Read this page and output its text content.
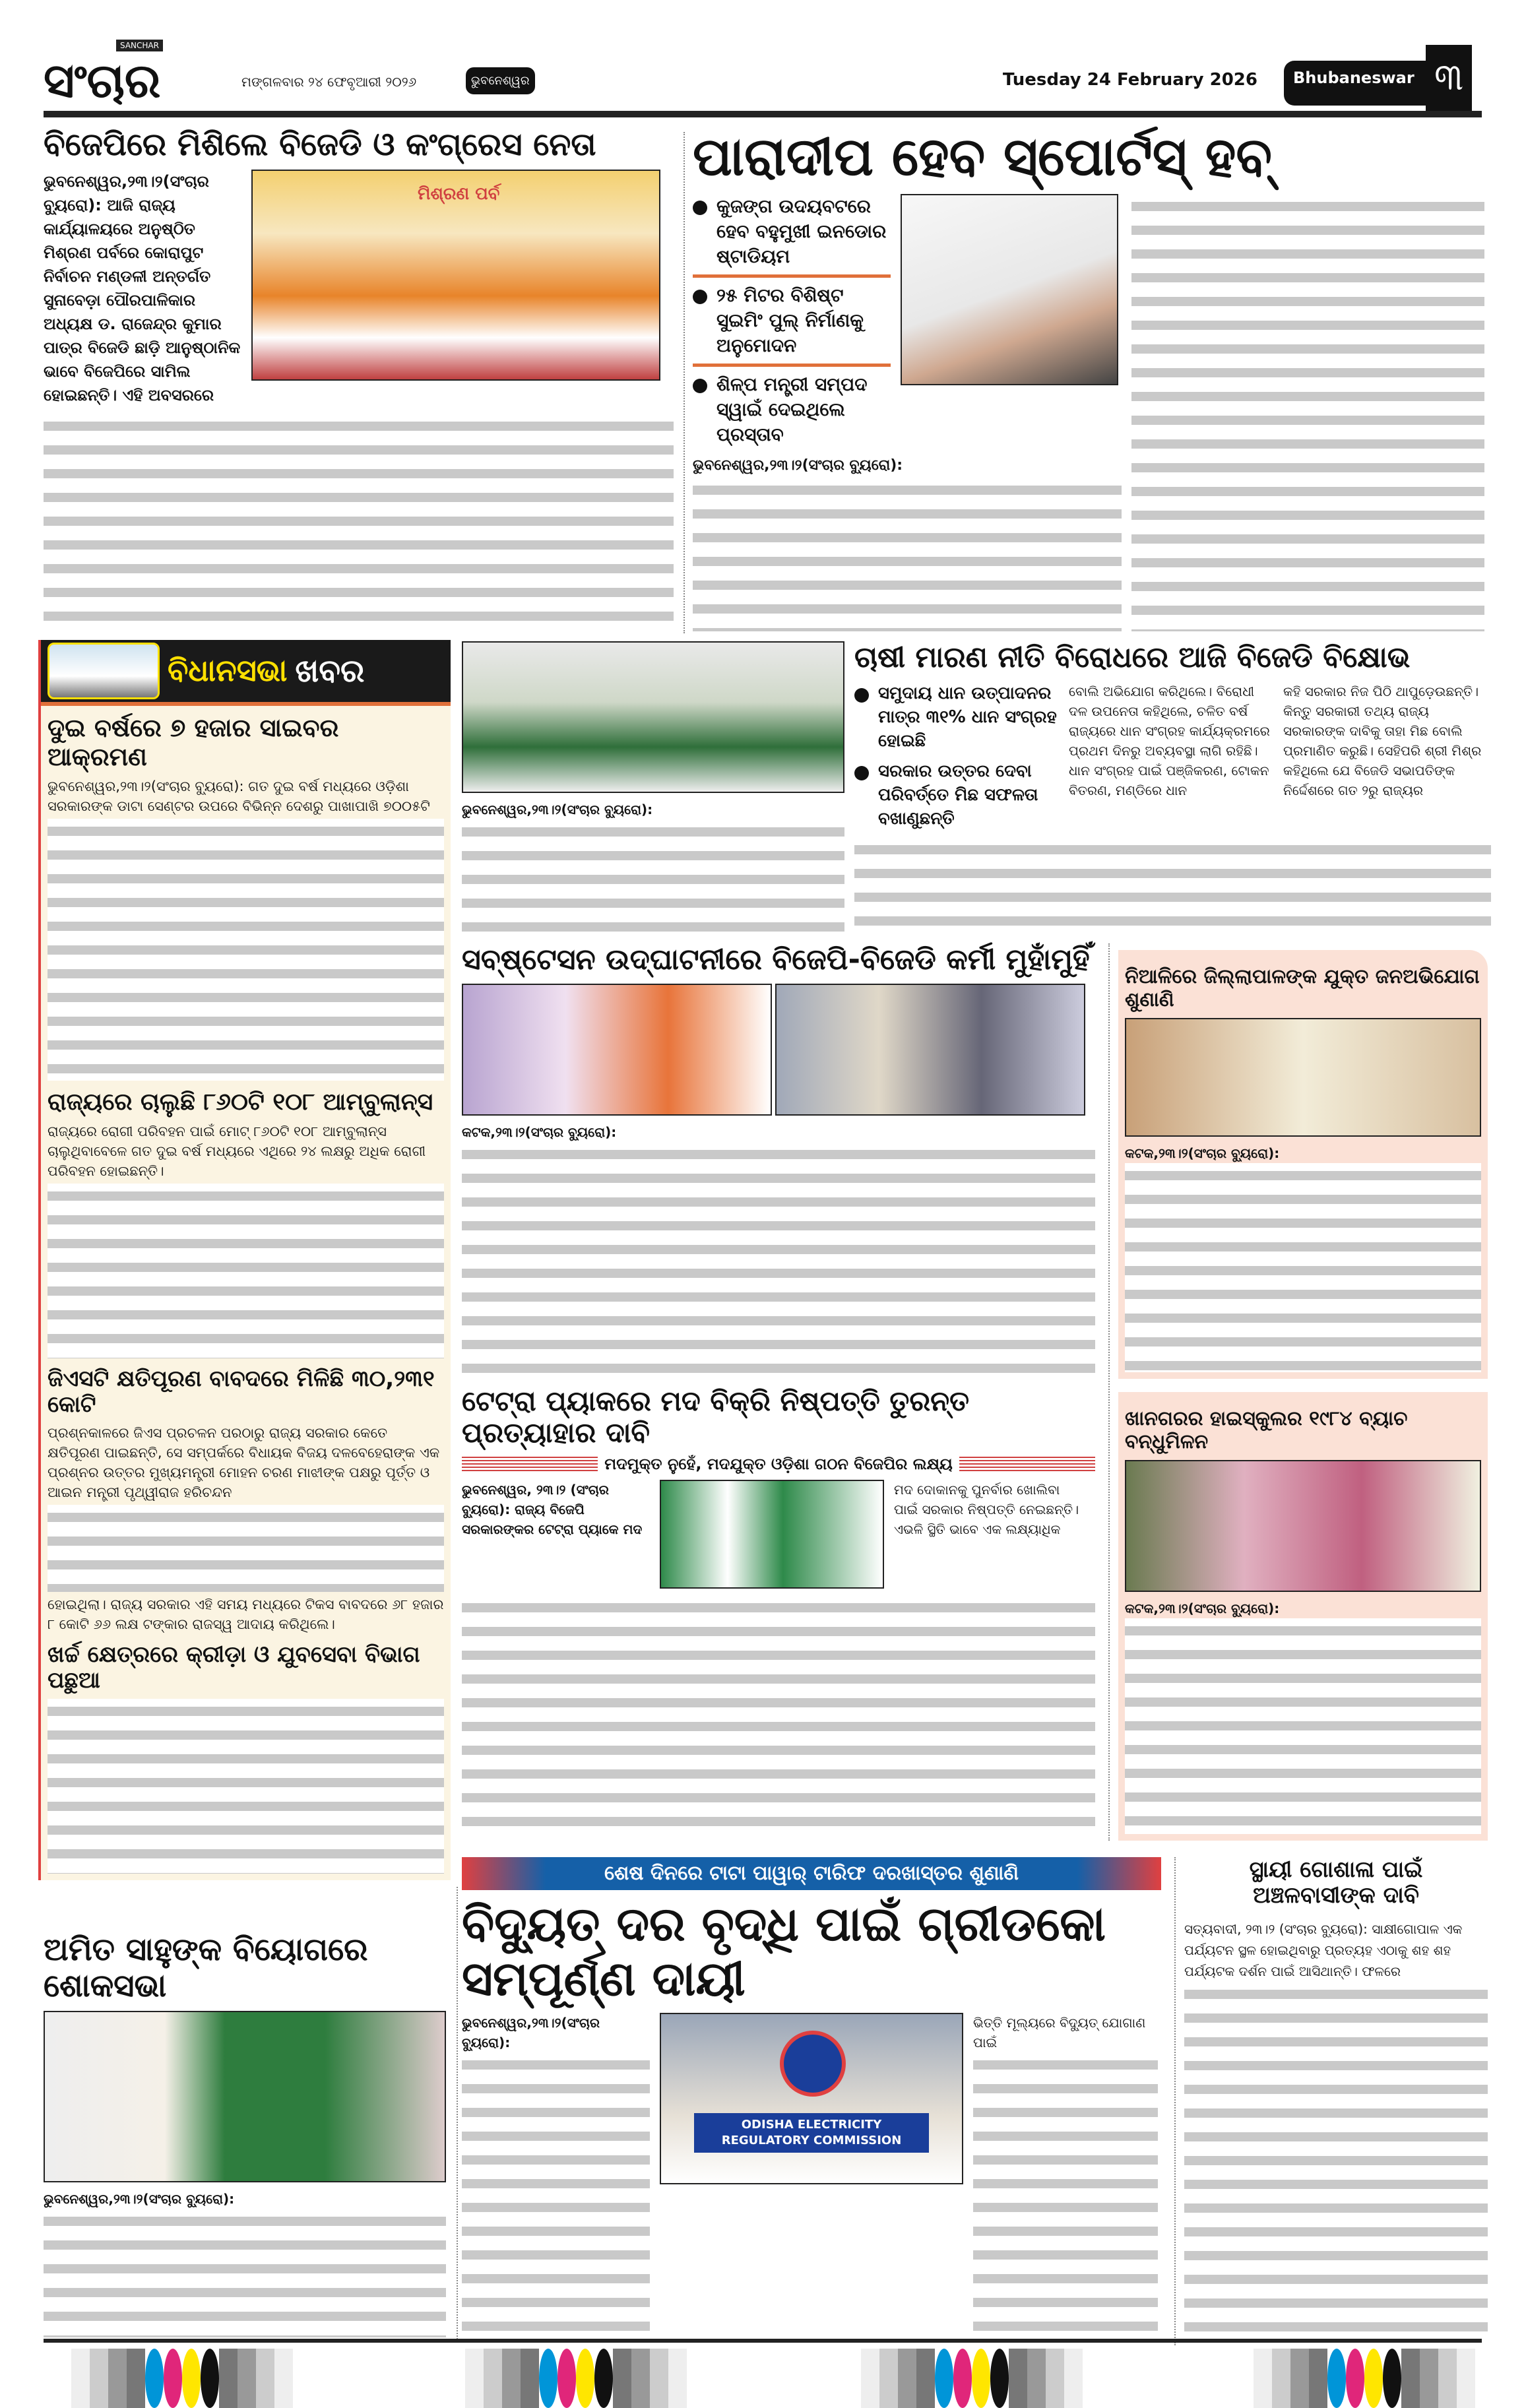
SANCHAR
ସଂଚାର	ମଙ୍ଗଳବାର ୨୪ ଫେବୃଆରୀ ୨୦୨୬	ଭୁବନେଶ୍ୱର	Tuesday 24 February 2026	Bhubaneswar ୩
ବିଜେପିରେ ମିଶିଲେ ବିଜେଡି ଓ କଂଗ୍ରେସ ନେତା
ଭୁବନେଶ୍ୱର,୨୩।୨(ସଂଚାର ବ୍ୟୁରୋ): ଆଜି ରାଜ୍ୟ କାର୍ଯ୍ୟାଳୟରେ ଅନୁଷ୍ଠିତ ମିଶ୍ରଣ ପର୍ବରେ କୋରାପୁଟ ନିର୍ବାଚନ ମଣ୍ଡଳୀ ଅନ୍ତର୍ଗତ ସୁନାବେଡ଼ା ପୌରପାଳିକାର ଅଧ୍ୟକ୍ଷ ଡ. ରାଜେନ୍ଦ୍ର କୁମାର ପାତ୍ର ବିଜେଡି ଛାଡ଼ି ଆନୁଷ୍ଠାନିକ ଭାବେ ବିଜେପିରେ ସାମିଲ ହୋଇଛନ୍ତି। ଏହି ଅବସରରେ
ମିଶ୍ରଣ ପର୍ବ
ପାରାଦୀପ ହେବ ସ୍ପୋର୍ଟସ୍ ହବ୍
କୁଜଙ୍ଗ ଉଦୟବଟରେ ହେବ ବହୁମୁଖୀ ଇନଡୋର ଷ୍ଟାଡିୟମ
୨୫ ମିଟର ବିଶିଷ୍ଟ ସୁଇମିଂ ପୁଲ୍ ନିର୍ମାଣକୁ ଅନୁମୋଦନ
ଶିଳ୍ପ ମନ୍ତ୍ରୀ ସମ୍ପଦ ସ୍ୱାଇଁ ଦେଇଥିଲେ ପ୍ରସ୍ତାବ
ଭୁବନେଶ୍ୱର,୨୩।୨(ସଂଚାର ବ୍ୟୁରୋ):
ବିଧାନସଭା ଖବର
ଦୁଇ ବର୍ଷରେ ୭ ହଜାର ସାଇବର ଆକ୍ରମଣ
ଭୁବନେଶ୍ୱର,୨୩।୨(ସଂଚାର ବ୍ୟୁରୋ): ଗତ ଦୁଇ ବର୍ଷ ମଧ୍ୟରେ ଓଡ଼ିଶା ସରକାରଙ୍କ ଡାଟା ସେଣ୍ଟର ଉପରେ ବିଭିନ୍ନ ଦେଶରୁ ପାଖାପାଖି ୭୦୦୫ଟି
ରାଜ୍ୟରେ ଚାଲୁଛି ୮୬୦ଟି ୧୦୮ ଆମ୍ବୁଲାନ୍ସ
ରାଜ୍ୟରେ ରୋଗୀ ପରିବହନ ପାଇଁ ମୋଟ୍ ୮୬୦ଟି ୧୦୮ ଆମ୍ବୁଲାନ୍ସ ଚାଲୁଥିବାବେଳେ ଗତ ଦୁଇ ବର୍ଷ ମଧ୍ୟରେ ଏଥିରେ ୨୪ ଲକ୍ଷରୁ ଅଧିକ ରୋଗୀ ପରିବହନ ହୋଇଛନ୍ତି।
ଜିଏସଟି କ୍ଷତିପୂରଣ ବାବଦରେ ମିଳିଛି ୩୦,୨୩୧ କୋଟି
ପ୍ରଶ୍ନକାଳରେ ଜିଏସ ପ୍ରଚଳନ ପରଠାରୁ ରାଜ୍ୟ ସରକାର କେତେ କ୍ଷତିପୂରଣ ପାଇଛନ୍ତି, ସେ ସମ୍ପର୍କରେ ବିଧାୟକ ବିଜୟ ଦଳବେହେରାଙ୍କ ଏକ ପ୍ରଶ୍ନର ଉତ୍ତର ମୁଖ୍ୟମନ୍ତ୍ରୀ ମୋହନ ଚରଣ ମାଝୀଙ୍କ ପକ୍ଷରୁ ପୂର୍ତ୍ତ ଓ ଆଇନ ମନ୍ତ୍ରୀ ପୃଥ୍ୱୀରାଜ ହରିଚନ୍ଦନ
ହୋଇଥିଲା। ରାଜ୍ୟ ସରକାର ଏହି ସମୟ ମଧ୍ୟରେ ଟିକସ ବାବଦରେ ୬୮ ହଜାର ୮ କୋଟି ୬୬ ଲକ୍ଷ ଟଙ୍କାର ରାଜସ୍ୱ ଆଦାୟ କରିଥିଲେ।
ଖର୍ଚ୍ଚ କ୍ଷେତ୍ରରେ କ୍ରୀଡ଼ା ଓ ଯୁବସେବା ବିଭାଗ ପଛୁଆ
ଭୁବନେଶ୍ୱର,୨୩।୨(ସଂଚାର ବ୍ୟୁରୋ):
ଚାଷୀ ମାରଣ ନୀତି ବିରୋଧରେ ଆଜି ବିଜେଡି ବିକ୍ଷୋଭ
ସମୁଦାୟ ଧାନ ଉତ୍ପାଦନର ମାତ୍ର ୩୧% ଧାନ ସଂଗ୍ରହ ହୋଇଛି
ସରକାର ଉତ୍ତର ଦେବା ପରିବର୍ତ୍ତେ ମିଛ ସଫଳତା ବଖାଣୁଛନ୍ତି
ବୋଲି ଅଭିଯୋଗ କରିଥିଲେ। ବିରୋଧୀ ଦଳ ଉପନେତା କହିଥିଲେ, ଚଳିତ ବର୍ଷ ରାଜ୍ୟରେ ଧାନ ସଂଗ୍ରହ କାର୍ଯ୍ୟକ୍ରମରେ ପ୍ରଥମ ଦିନରୁ ଅବ୍ୟବସ୍ଥା ଲାଗି ରହିଛି। ଧାନ ସଂଗ୍ରହ ପାଇଁ ପଞ୍ଜିକରଣ, ଟୋକନ ବିତରଣ, ମଣ୍ଡିରେ ଧାନ
କହି ସରକାର ନିଜ ପିଠି ଥାପୁଡ଼େଉଛନ୍ତି। କିନ୍ତୁ ସରକାରୀ ତଥ୍ୟ ରାଜ୍ୟ ସରକାରଙ୍କ ଦାବିକୁ ତାହା ମିଛ ବୋଲି ପ୍ରମାଣିତ କରୁଛି। ସେହିପରି ଶ୍ରୀ ମିଶ୍ର କହିଥିଲେ ଯେ ବିଜେଡି ସଭାପତିଙ୍କ ନିର୍ଦ୍ଦେଶରେ ଗତ ୨ରୁ ରାଜ୍ୟର
ସବ୍‌ଷ୍ଟେସନ ଉଦ୍‌ଘାଟନୀରେ ବିଜେପି-ବିଜେଡି କର୍ମୀ ମୁହାଁମୁହିଁ
କଟକ,୨୩।୨(ସଂଚାର ବ୍ୟୁରୋ):
ନିଆଳିରେ ଜିଲ୍ଲାପାଳଙ୍କ ଯୁକ୍ତ ଜନଅଭିଯୋଗ ଶୁଣାଣି
କଟକ,୨୩।୨(ସଂଚାର ବ୍ୟୁରୋ):
ଟେଟ୍ରା ପ୍ୟାକରେ ମଦ ବିକ୍ରି ନିଷ୍ପତ୍ତି ତୁରନ୍ତ ପ୍ରତ୍ୟାହାର ଦାବି
ମଦମୁକ୍ତ ନୁହେଁ, ମଦଯୁକ୍ତ ଓଡ଼ିଶା ଗଠନ ବିଜେପିର ଲକ୍ଷ୍ୟ
ଭୁବନେଶ୍ୱର, ୨୩।୨ (ସଂଚାର ବ୍ୟୁରୋ): ରାଜ୍ୟ ବିଜେପି ସରକାରଙ୍କର ଟେଟ୍ରା ପ୍ୟାକେ ମଦ
ମଦ ଦୋକାନକୁ ପୁନର୍ବାର ଖୋଲିବା ପାଇଁ ସରକାର ନିଷ୍ପତ୍ତି ନେଇଛନ୍ତି। ଏଭଳି ସ୍ଥିତି ଭାବେ ଏକ ଲକ୍ଷ୍ୟାଧିକ
ଖାନଗରର ହାଇସ୍କୁଲର ୧୯୮୪ ବ୍ୟାଚ ବନ୍ଧୁମିଳନ
କଟକ,୨୩।୨(ସଂଚାର ବ୍ୟୁରୋ):
ଅମିତ ସାହୁଙ୍କ ବିୟୋଗରେ ଶୋକସଭା
ଭୁବନେଶ୍ୱର,୨୩।୨(ସଂଚାର ବ୍ୟୁରୋ):
ଶେଷ ଦିନରେ ଟାଟା ପାୱାର୍ ଟାରିଫ ଦରଖାସ୍ତର ଶୁଣାଣି
ବିଦ୍ୟୁତ୍ ଦର ବୃଦ୍ଧି ପାଇଁ ଗ୍ରୀଡକୋ ସମ୍ପୂର୍ଣ୍ଣ ଦାୟୀ
ଭୁବନେଶ୍ୱର,୨୩।୨(ସଂଚାର ବ୍ୟୁରୋ):
ODISHA ELECTRICITY
REGULATORY COMMISSION
ଭିତ୍ତି ମୂଲ୍ୟରେ ବିଦ୍ୟୁତ୍ ଯୋଗାଣ ପାଇଁ
ସ୍ଥାୟୀ ଗୋଶାଳା ପାଇଁ
ଅଞ୍ଚଳବାସୀଙ୍କ ଦାବି
ସତ୍ୟବାଦୀ, ୨୩।୨ (ସଂଚାର ବ୍ୟୁରୋ): ସାକ୍ଷୀଗୋପାଳ ଏକ ପର୍ଯ୍ୟଟନ ସ୍ଥଳ ହୋଇଥିବାରୁ ପ୍ରତ୍ୟହ ଏଠାକୁ ଶହ ଶହ ପର୍ଯ୍ୟଟକ ଦର୍ଶନ ପାଇଁ ଆସିଥାନ୍ତି। ଫଳରେ
